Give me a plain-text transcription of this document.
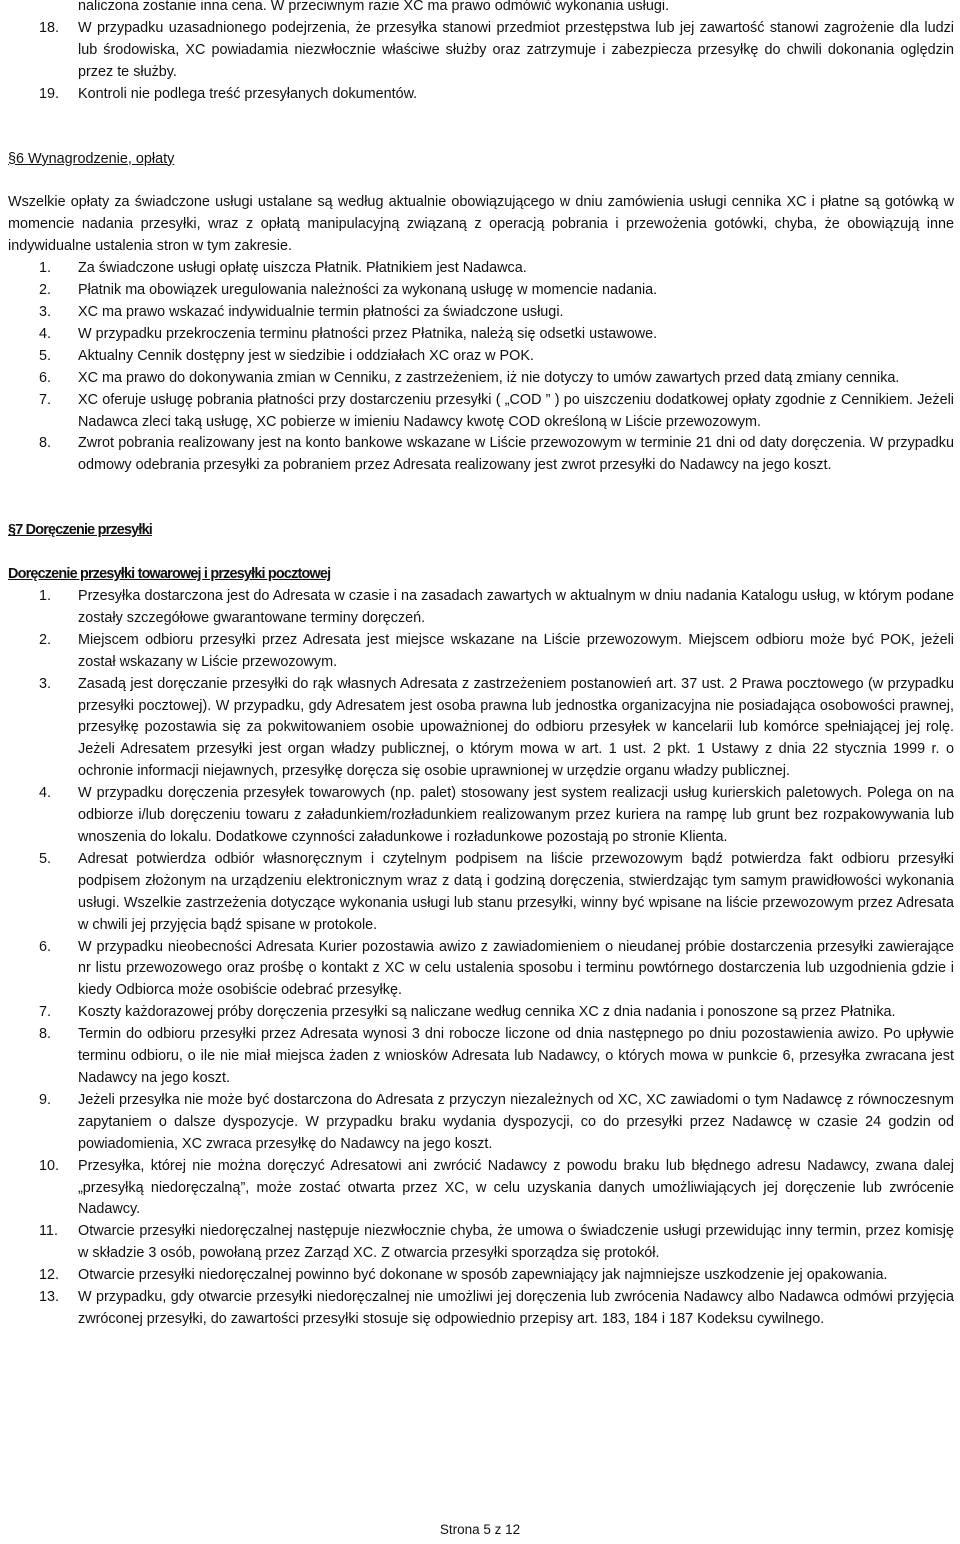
naliczona zostanie inna cena. W przeciwnym razie XC ma prawo odmówić wykonania usługi.
18. W przypadku uzasadnionego podejrzenia, że przesyłka stanowi przedmiot przestępstwa lub jej zawartość stanowi zagrożenie dla ludzi lub środowiska, XC powiadamia niezwłocznie właściwe służby oraz zatrzymuje i zabezpiecza przesyłkę do chwili dokonania oględzin przez te służby.
19. Kontroli nie podlega treść przesyłanych dokumentów.

§6 Wynagrodzenie, opłaty

Wszelkie opłaty za świadczone usługi ustalane są według aktualnie obowiązującego w dniu zamówienia usługi cennika XC i płatne są gotówką w momencie nadania przesyłki, wraz z opłatą manipulacyjną związaną z operacją pobrania i przewożenia gotówki, chyba, że obowiązują inne indywidualne ustalenia stron w tym zakresie.

1. Za świadczone usługi opłatę uiszcza Płatnik. Płatnikiem jest Nadawca.
2. Płatnik ma obowiązek uregulowania należności za wykonaną usługę w momencie nadania.
3. XC ma prawo wskazać indywidualnie termin płatności za świadczone usługi.
4. W przypadku przekroczenia terminu płatności przez Płatnika, należą się odsetki ustawowe.
5. Aktualny Cennik dostępny jest w siedzibie i oddziałach XC oraz w POK.
6. XC ma prawo do dokonywania zmian w Cenniku, z zastrzeżeniem, iż nie dotyczy to umów zawartych przed datą zmiany cennika.
7. XC oferuje usługę pobrania płatności przy dostarczeniu przesyłki ( „COD ” ) po uiszczeniu dodatkowej opłaty zgodnie z Cennikiem. Jeżeli Nadawca zleci taką usługę, XC pobierze w imieniu Nadawcy kwotę COD określoną w Liście przewozowym.
8. Zwrot pobrania realizowany jest na konto bankowe wskazane w Liście przewozowym w terminie 21 dni od daty doręczenia. W przypadku odmowy odebrania przesyłki za pobraniem przez Adresata realizowany jest zwrot przesyłki do Nadawcy na jego koszt.

§7 Doręczenie przesyłki

Doręczenie przesyłki towarowej i przesyłki pocztowej

1. Przesyłka dostarczona jest do Adresata w czasie i na zasadach zawartych w aktualnym w dniu nadania Katalogu usług, w którym podane zostały szczegółowe gwarantowane terminy doręczeń.
2. Miejscem odbioru przesyłki przez Adresata jest miejsce wskazane na Liście przewozowym. Miejscem odbioru może być POK, jeżeli został wskazany w Liście przewozowym.
3. Zasadą jest doręczanie przesyłki do rąk własnych Adresata z zastrzeżeniem postanowień art. 37 ust. 2 Prawa pocztowego (w przypadku przesyłki pocztowej). W przypadku, gdy Adresatem jest osoba prawna lub jednostka organizacyjna nie posiadająca osobowości prawnej, przesyłkę pozostawia się za pokwitowaniem osobie upoważnionej do odbioru przesyłek w kancelarii lub komórce spełniającej jej rolę. Jeżeli Adresatem przesyłki jest organ władzy publicznej, o którym mowa w art. 1 ust. 2 pkt. 1 Ustawy z dnia 22 stycznia 1999 r. o ochronie informacji niejawnych, przesyłkę doręcza się osobie uprawnionej w urzędzie organu władzy publicznej.
4. W przypadku doręczenia przesyłek towarowych (np. palet) stosowany jest system realizacji usług kurierskich paletowych. Polega on na odbiorze i/lub doręczeniu towaru z załadunkiem/rozładunkiem realizowanym przez kuriera na rampę lub grunt bez rozpakowywania lub wnoszenia do lokalu. Dodatkowe czynności załadunkowe i rozładunkowe pozostają po stronie Klienta.
5. Adresat potwierdza odbiór własnoręcznym i czytelnym podpisem na liście przewozowym bądź potwierdza fakt odbioru przesyłki podpisem złożonym na urządzeniu elektronicznym wraz z datą i godziną doręczenia, stwierdzając tym samym prawidłowości wykonania usługi. Wszelkie zastrzeżenia dotyczące wykonania usługi lub stanu przesyłki, winny być wpisane na liście przewozowym przez Adresata w chwili jej przyjęcia bądź spisane w protokole.
6. W przypadku nieobecności Adresata Kurier pozostawia awizo z zawiadomieniem o nieudanej próbie dostarczenia przesyłki zawierające nr listu przewozowego oraz prośbę o kontakt z XC w celu ustalenia sposobu i terminu powtórnego dostarczenia lub uzgodnienia gdzie i kiedy Odbiorca może osobiście odebrać przesyłkę.
7. Koszty każdorazowej próby doręczenia przesyłki są naliczane według cennika XC z dnia nadania i ponoszone są przez Płatnika.
8. Termin do odbioru przesyłki przez Adresata wynosi 3 dni robocze liczone od dnia następnego po dniu pozostawienia awizo. Po upływie terminu odbioru, o ile nie miał miejsca żaden z wniosków Adresata lub Nadawcy, o których mowa w punkcie 6, przesyłka zwracana jest Nadawcy na jego koszt.
9. Jeżeli przesyłka nie może być dostarczona do Adresata z przyczyn niezależnych od XC, XC zawiadomi o tym Nadawcę z równoczesnym zapytaniem o dalsze dyspozycje. W przypadku braku wydania dyspozycji, co do przesyłki przez Nadawcę w czasie 24 godzin od powiadomienia, XC zwraca przesyłkę do Nadawcy na jego koszt.
10. Przesyłka, której nie można doręczyć Adresatowi ani zwrócić Nadawcy z powodu braku lub błędnego adresu Nadawcy, zwana dalej „przesyłką niedoręczalną”, może zostać otwarta przez XC, w celu uzyskania danych umożliwiających jej doręczenie lub zwrócenie Nadawcy.
11. Otwarcie przesyłki niedoręczalnej następuje niezwłocznie chyba, że umowa o świadczenie usługi przewidując inny termin, przez komisję w składzie 3 osób, powołaną przez Zarząd XC. Z otwarcia przesyłki sporządza się protokół.
12. Otwarcie przesyłki niedoręczalnej powinno być dokonane w sposób zapewniający jak najmniejsze uszkodzenie jej opakowania.
13. W przypadku, gdy otwarcie przesyłki niedoręczalnej nie umożliwi jej doręczenia lub zwrócenia Nadawcy albo Nadawca odmówi przyjęcia zwróconej przesyłki, do zawartości przesyłki stosuje się odpowiednio przepisy art. 183, 184 i 187 Kodeksu cywilnego.
Strona 5 z 12
